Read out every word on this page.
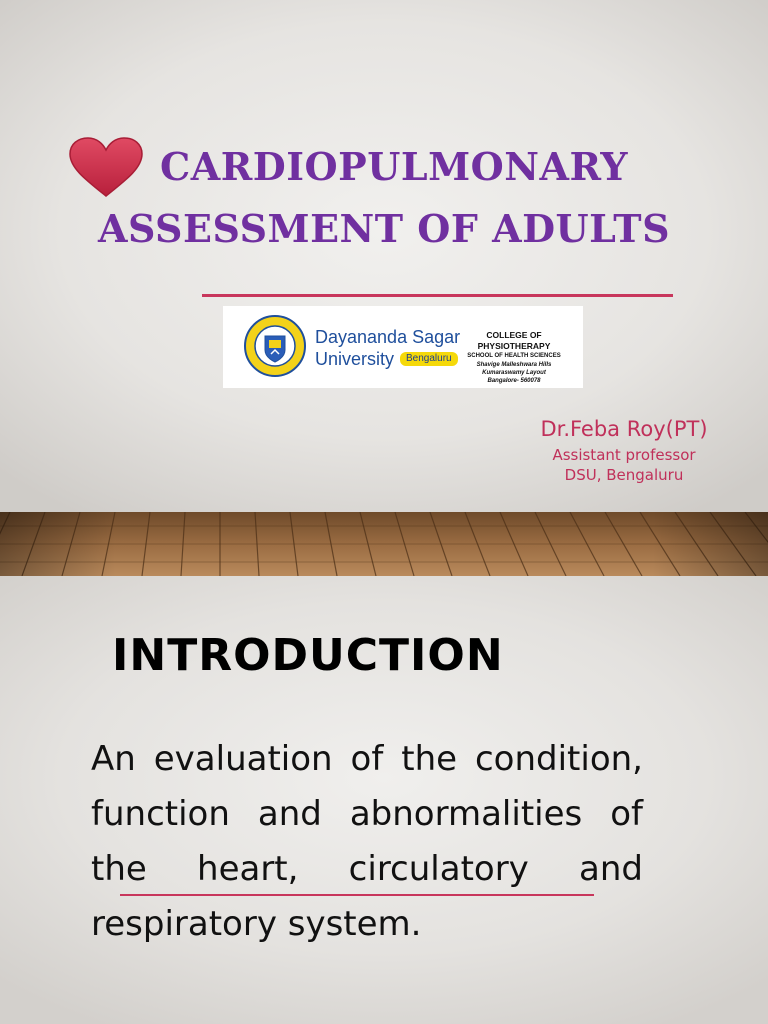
CARDIOPULMONARY
ASSESSMENT OF ADULTS
Dayananda Sagar
University	Bengaluru
COLLEGE OF PHYSIOTHERAPY
SCHOOL OF HEALTH SCIENCES
Shavige Malleshwara Hills
Kumaraswamy Layout
Bangalore- 560078
Dr.Feba Roy(PT)
Assistant professor
DSU, Bengaluru
INTRODUCTION
An evaluation of the condition, function and abnormalities of the heart, circulatory and respiratory system.
